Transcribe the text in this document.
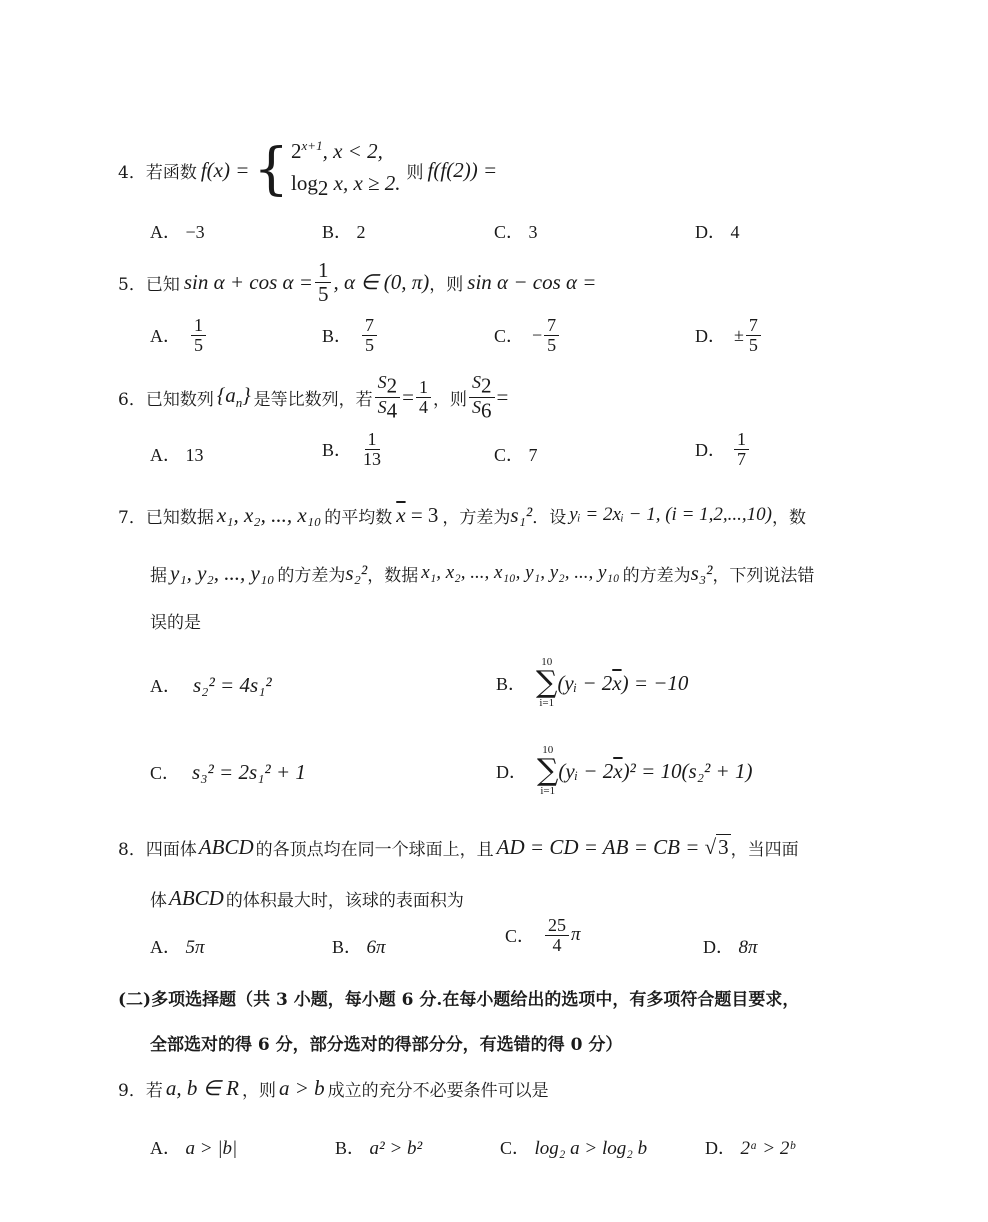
4． 若函数 f(x) = { $2^{x+1}$, x < 2,
$\log_2 x$, x ≥ 2. 则 f(f(2)) =
A． −3	B． 2	C． 3	D． 4
5． 已知 $\sin \alpha + \cos \alpha = \frac{1}{5}$ , α ∈ (0, π) ，则 sin α − cos α =
A． $\frac{1}{5}$	B． $\frac{7}{5}$	C． − $\frac{7}{5}$	D． ± $\frac{7}{5}$
6． 已知数列 $\{a_n\}$ 是等比数列，若 $\frac{S_2}{S_4} = \frac{1}{4}$ ，则 $\frac{S_2}{S_6}$ =
A． 13	B． $\frac{1}{13}$	C． 7	D． $\frac{1}{7}$
7． 已知数据 x₁, x₂, ..., x₁₀ 的平均数 $\overline{x} = 3$ ，方差为 s₁² ．设 yᵢ = 2xᵢ − 1, (i = 1,2,...,10) ，数
据 y₁, y₂, ..., y₁₀ 的方差为 s₂² ，数据 x₁, x₂, ..., x₁₀, y₁, y₂, ..., y₁₀ 的方差为 s₃² ，下列说法错
误的是
A． s₂² = 4s₁²	B．
10
∑
i=1
(yᵢ − $2\overline{x}) = -10$
C． s₃² = 2s₁² + 1	D．
10
∑
i=1
(yᵢ − $2\overline{x})^2 = 10(s_2^2 + 1)$
8． 四面体 ABCD 的各顶点均在同一个球面上，且 AD = CD = AB = CB = √3 ，当四面
体 ABCD 的体积最大时，该球的表面积为
A． 5π	B． 6π
C． $\frac{25}{4}$ π
D． 8π
(二)多项选择题（共 3 小题，每小题 6 分.在每小题给出的选项中，有多项符合题目要求，
全部选对的得 6 分，部分选对的得部分分，有选错的得 0 分）
9． 若 a, b ∈ R ，则 a > b 成立的充分不必要条件可以是
A． a > |b|	B． a² > b²	C． log₂ a > log₂ b	D． 2ᵃ > 2ᵇ
